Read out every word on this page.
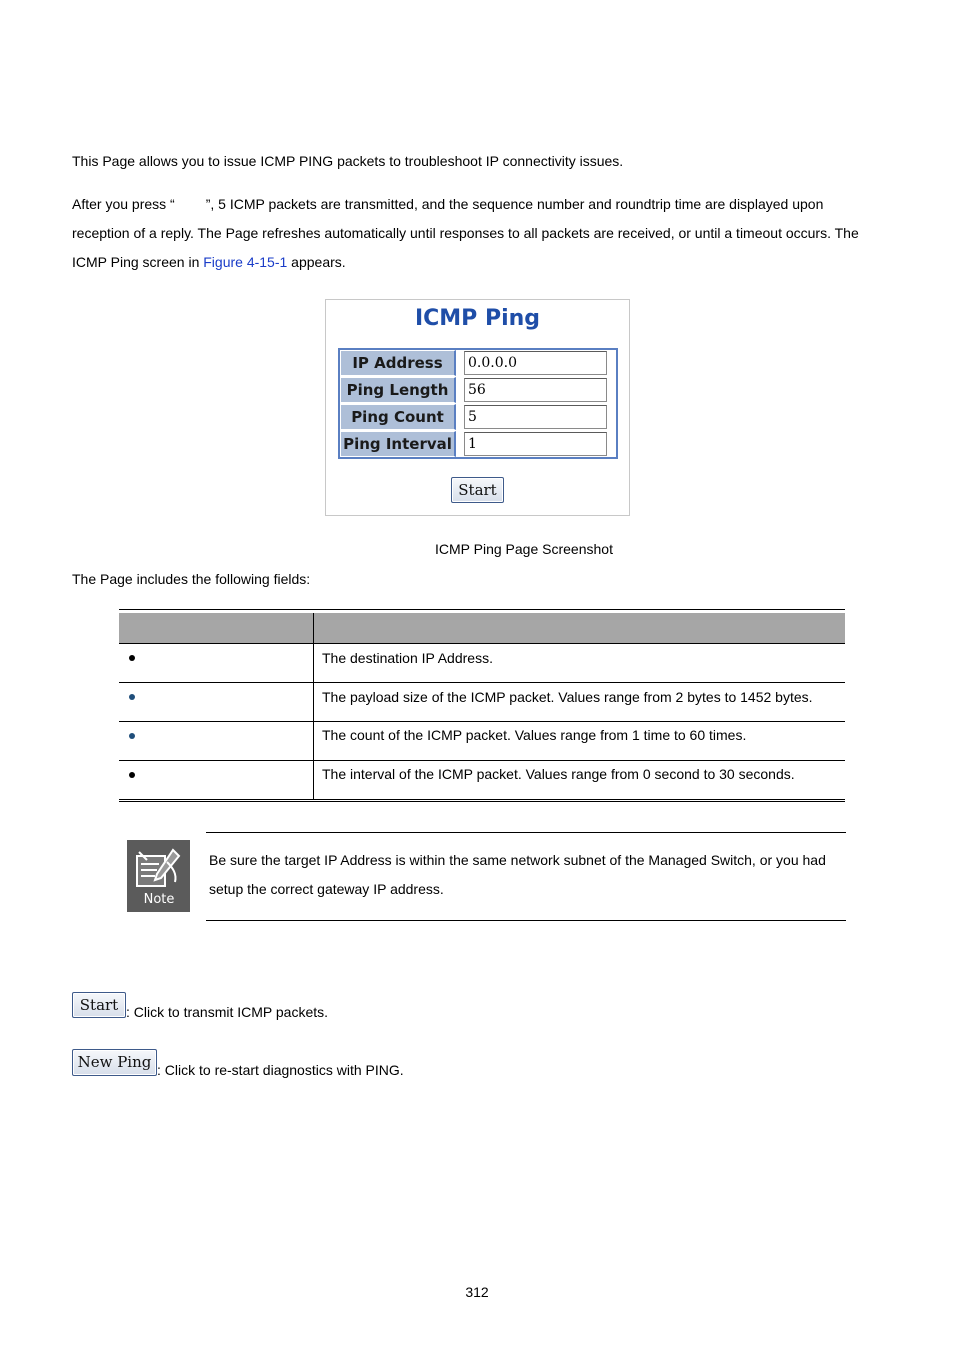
This Page allows you to issue ICMP PING packets to troubleshoot IP connectivity issues.
After you press “ ”, 5 ICMP packets are transmitted, and the sequence number and roundtrip time are displayed upon
reception of a reply. The Page refreshes automatically until responses to all packets are received, or until a timeout occurs. The
ICMP Ping screen in Figure 4-15-1 appears.
ICMP Ping
IP Address	0.0.0.0
Ping Length	56
Ping Count	5
Ping Interval 1
Start
ICMP Ping Page Screenshot
The Page includes the following fields:
The destination IP Address.
The payload size of the ICMP packet. Values range from 2 bytes to 1452 bytes.
The count of the ICMP packet. Values range from 1 time to 60 times.
The interval of the ICMP packet. Values range from 0 second to 30 seconds.
Note
Be sure the target IP Address is within the same network subnet of the Managed Switch, or you had
setup the correct gateway IP address.
Start : Click to transmit ICMP packets.
New Ping : Click to re-start diagnostics with PING.
312
